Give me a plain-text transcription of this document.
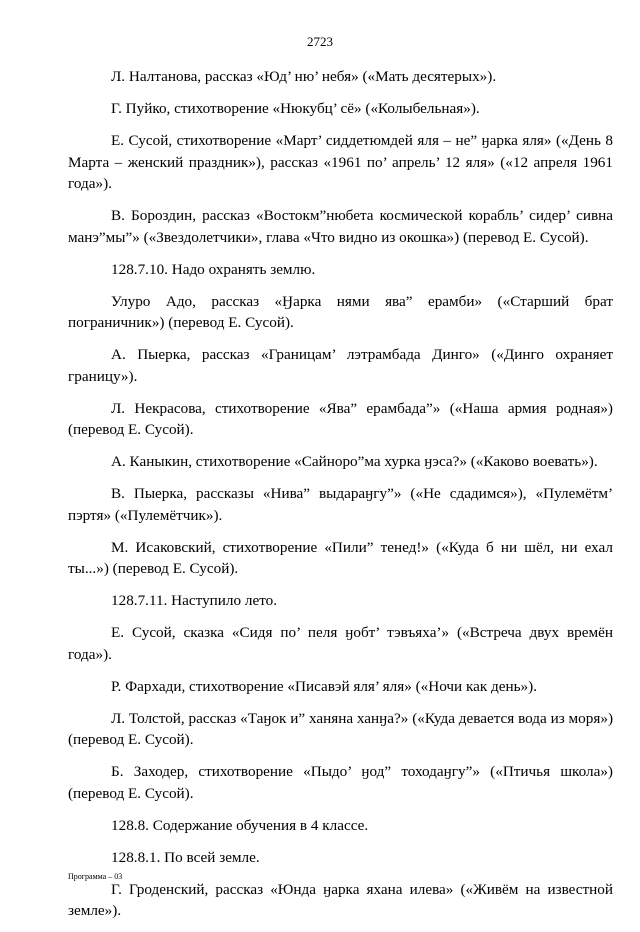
2723

Л. Налтанова, рассказ «Юд’ ню’ небя» («Мать десятерых»).

Г. Пуйко, стихотворение «Нюкубц’ сё» («Колыбельная»).

Е. Сусой, стихотворение «Март’ сиддетюмдей яля – не” ӈарка яля» («День 8 Марта – женский праздник»), рассказ «1961 по’ апрель’ 12 яля» («12 апреля 1961 года»).

В. Бороздин, рассказ «Востокм”нюбета космической корабль’ сидер’ сивна манэ”мы”» («Звездолетчики», глава «Что видно из окошка») (перевод Е. Сусой).

128.7.10. Надо охранять землю.

Улуро Адо, рассказ «Ӈарка нями ява” ерамби» («Старший брат пограничник») (перевод Е. Сусой).

А. Пыерка, рассказ «Границам’ лэтрамбада Динго» («Динго охраняет границу»).

Л. Некрасова, стихотворение «Ява” ерамбада”» («Наша армия родная») (перевод Е. Сусой).

А. Каныкин, стихотворение «Сайноро”ма хурка ӈэса?» («Каково воевать»).

В. Пыерка, рассказы «Нива” выдараӈгу”» («Не сдадимся»), «Пулемётм’ пэртя» («Пулемётчик»).

М. Исаковский, стихотворение «Пили” тенед!» («Куда б ни шёл, ни ехал ты...») (перевод Е. Сусой).

128.7.11. Наступило лето.

Е. Сусой, сказка «Сидя по’ пеля ӈобт’ тэвъяха’» («Встреча двух времён года»).

Р. Фархади, стихотворение «Писавэй яля’ яля» («Ночи как день»).

Л. Толстой, рассказ «Таӈок и” ханяна ханӈа?» («Куда девается вода из моря») (перевод Е. Сусой).

Б. Заходер, стихотворение «Пыдо’ ӈод” тоходаӈгу”» («Птичья школа») (перевод Е. Сусой).

128.8. Содержание обучения в 4 классе.

128.8.1. По всей земле.

Г. Гроденский, рассказ «Юнда ӈарка яхана илева» («Живём на известной земле»).

Программа – 03
